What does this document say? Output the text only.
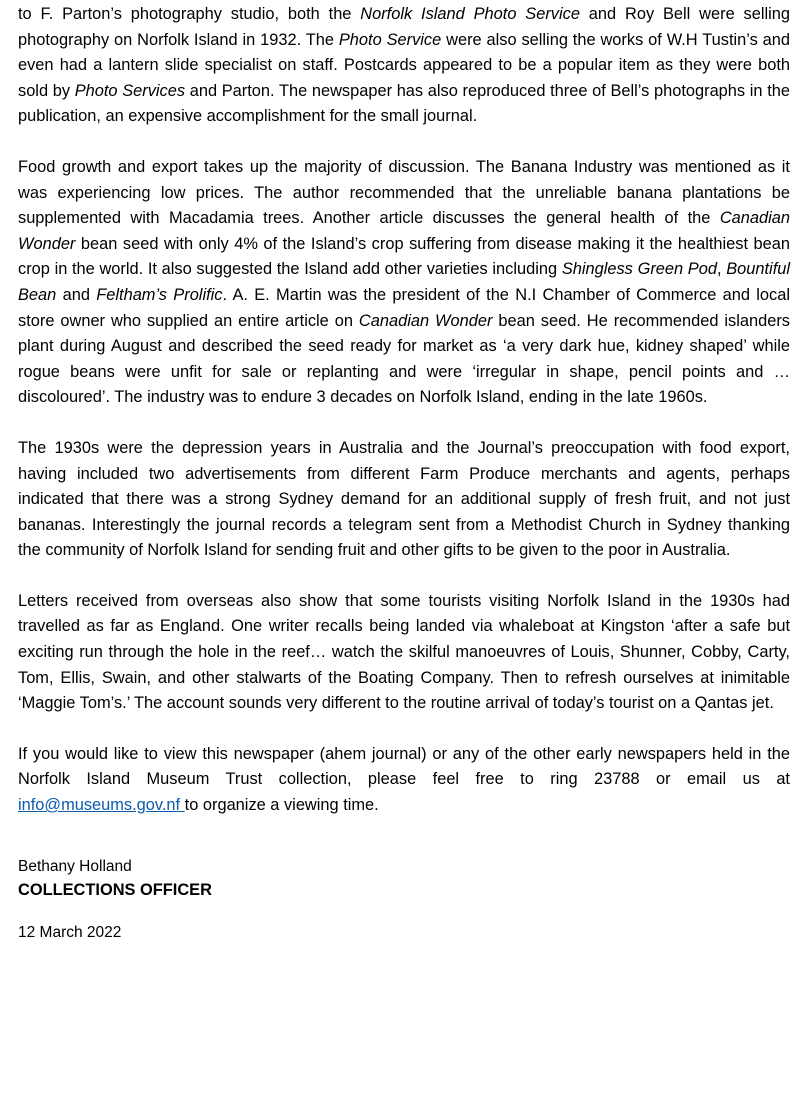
to F. Parton’s photography studio, both the Norfolk Island Photo Service and Roy Bell were selling photography on Norfolk Island in 1932. The Photo Service were also selling the works of W.H Tustin’s and even had a lantern slide specialist on staff. Postcards appeared to be a popular item as they were both sold by Photo Services and Parton. The newspaper has also reproduced three of Bell’s photographs in the publication, an expensive accomplishment for the small journal.

Food growth and export takes up the majority of discussion. The Banana Industry was mentioned as it was experiencing low prices. The author recommended that the unreliable banana plantations be supplemented with Macadamia trees. Another article discusses the general health of the Canadian Wonder bean seed with only 4% of the Island’s crop suffering from disease making it the healthiest bean crop in the world. It also suggested the Island add other varieties including Shingless Green Pod, Bountiful Bean and Feltham’s Prolific. A. E. Martin was the president of the N.I Chamber of Commerce and local store owner who supplied an entire article on Canadian Wonder bean seed. He recommended islanders plant during August and described the seed ready for market as ‘a very dark hue, kidney shaped’ while rogue beans were unfit for sale or replanting and were ‘irregular in shape, pencil points and …discoloured’. The industry was to endure 3 decades on Norfolk Island, ending in the late 1960s.

The 1930s were the depression years in Australia and the Journal’s preoccupation with food export, having included two advertisements from different Farm Produce merchants and agents, perhaps indicated that there was a strong Sydney demand for an additional supply of fresh fruit, and not just bananas. Interestingly the journal records a telegram sent from a Methodist Church in Sydney thanking the community of Norfolk Island for sending fruit and other gifts to be given to the poor in Australia.

Letters received from overseas also show that some tourists visiting Norfolk Island in the 1930s had travelled as far as England. One writer recalls being landed via whaleboat at Kingston ‘after a safe but exciting run through the hole in the reef… watch the skilful manoeuvres of Louis, Shunner, Cobby, Carty, Tom, Ellis, Swain, and other stalwarts of the Boating Company. Then to refresh ourselves at inimitable ‘Maggie Tom’s.’ The account sounds very different to the routine arrival of today’s tourist on a Qantas jet.

If you would like to view this newspaper (ahem journal) or any of the other early newspapers held in the Norfolk Island Museum Trust collection, please feel free to ring 23788 or email us at info@museums.gov.nf to organize a viewing time.

Bethany Holland
COLLECTIONS OFFICER
12 March 2022
